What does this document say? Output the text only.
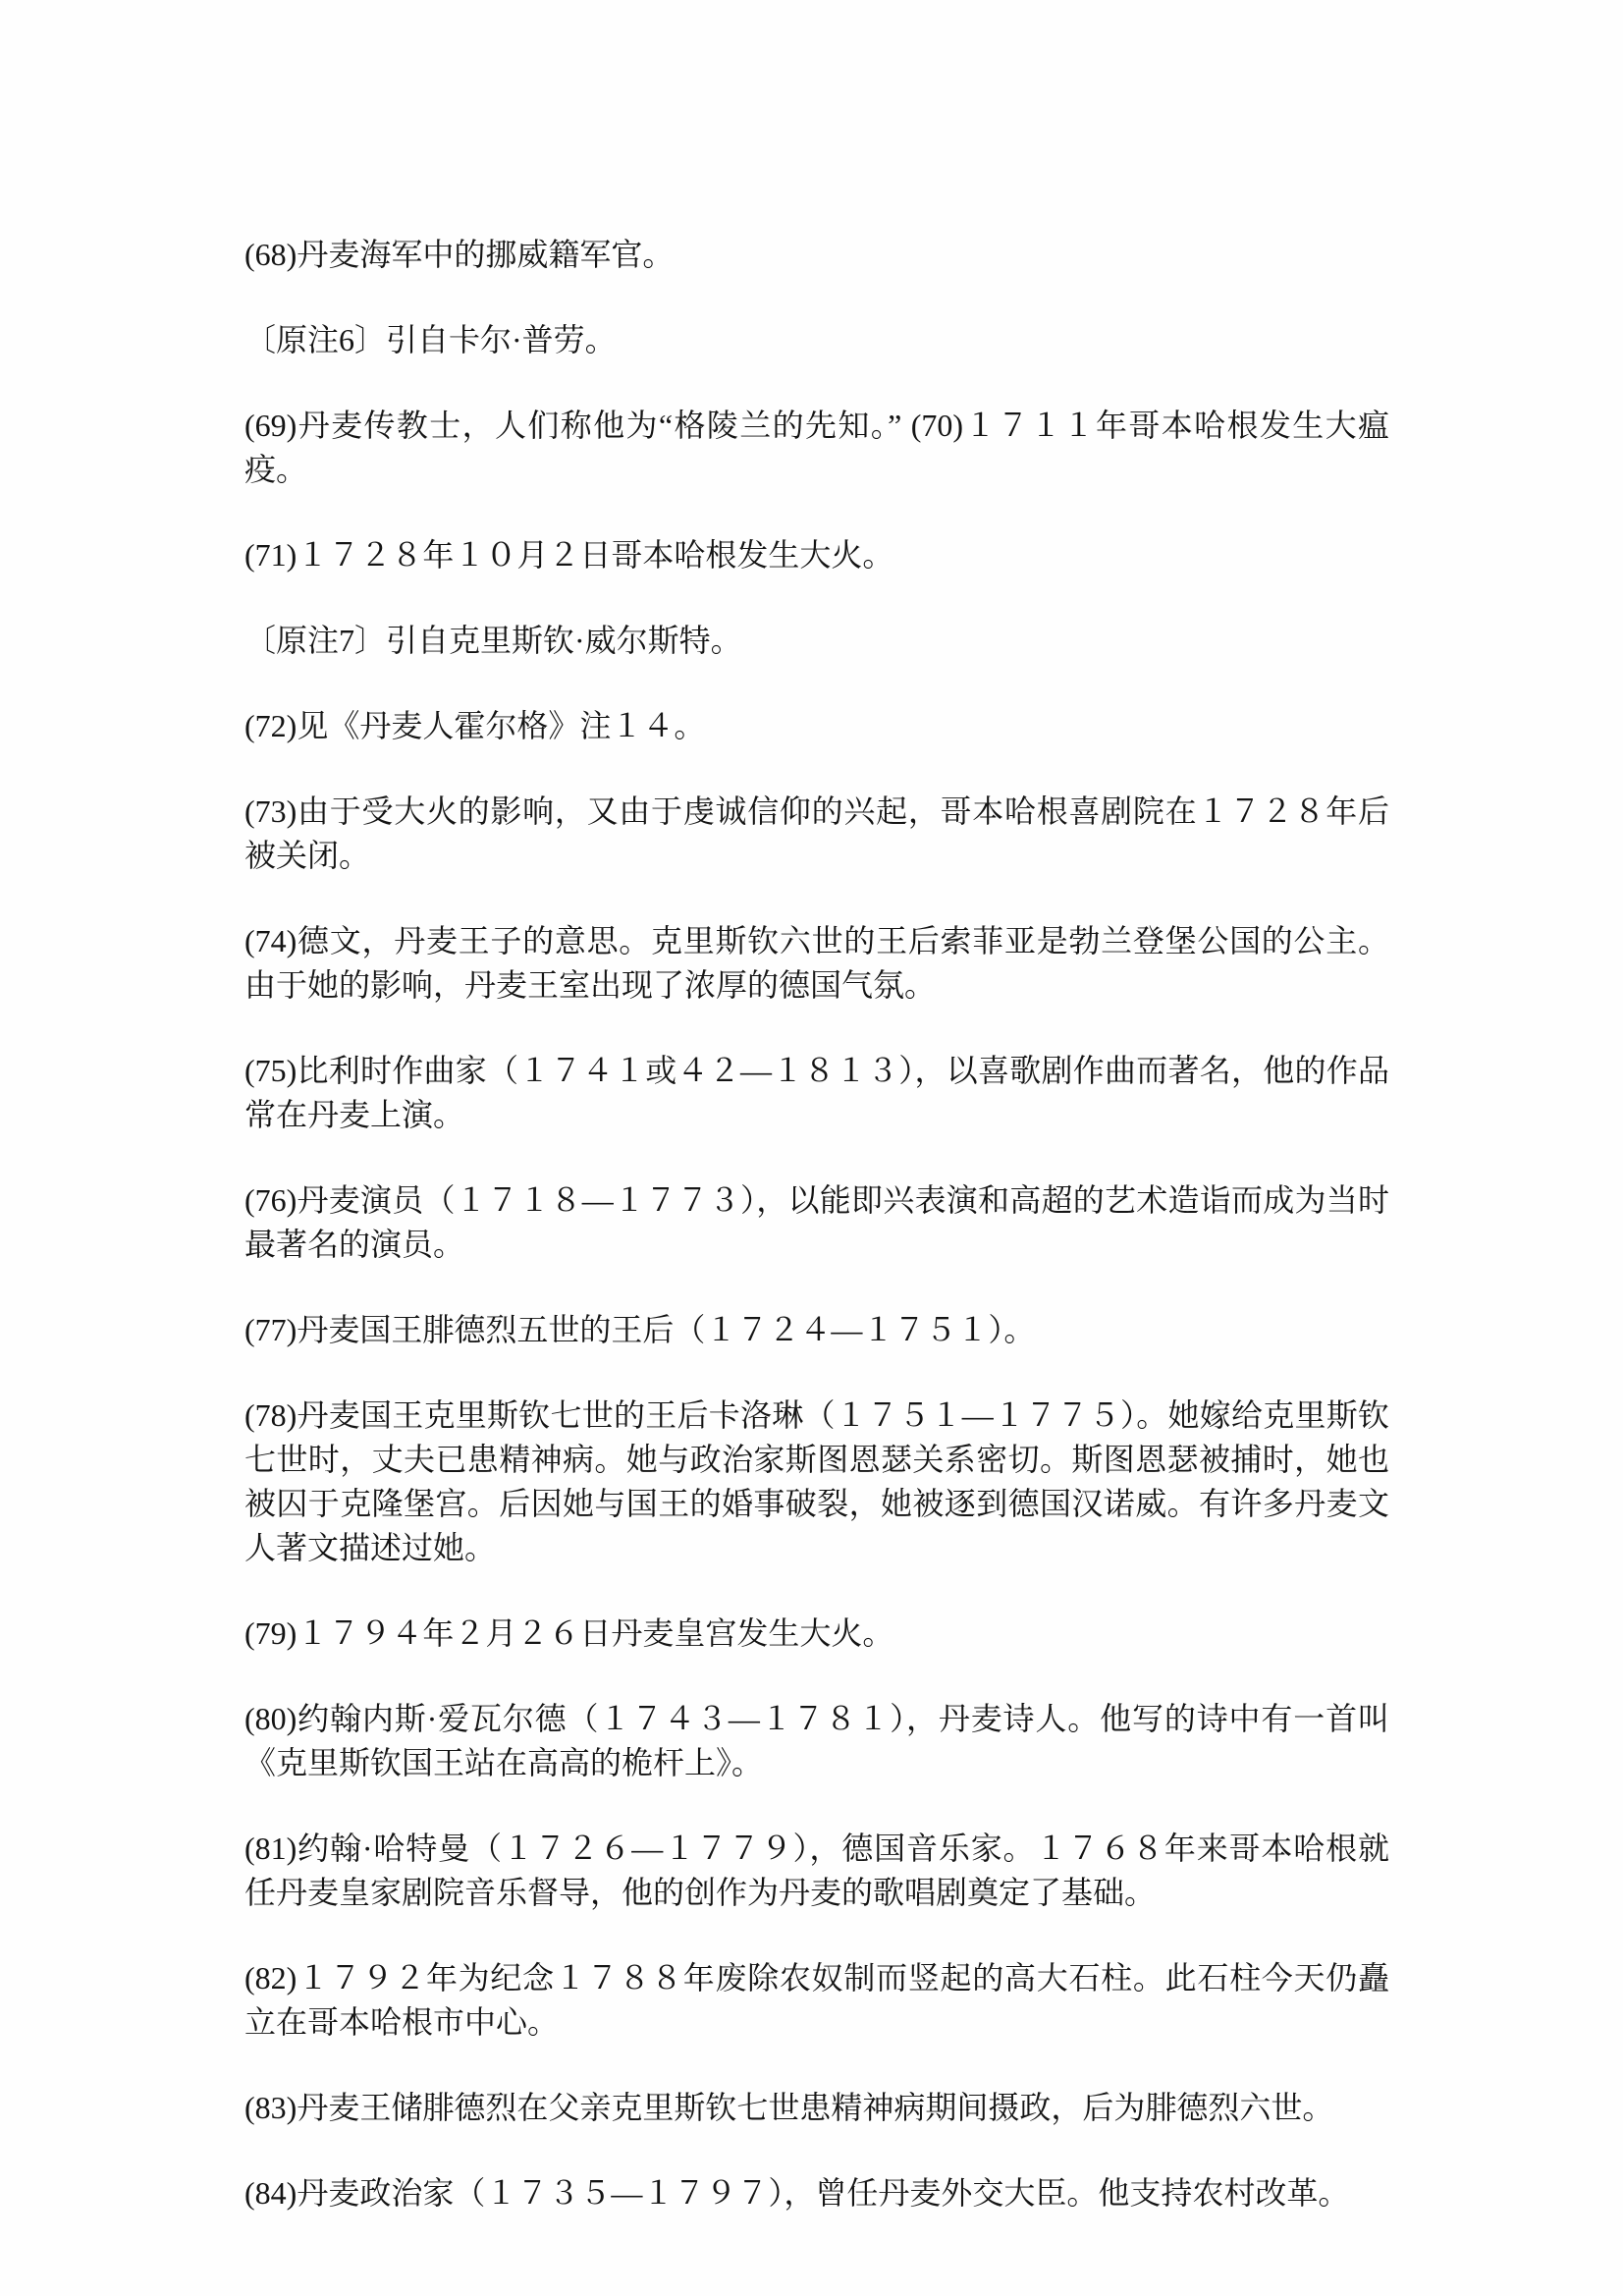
(68)丹麦海军中的挪威籍军官。

〔原注6〕引自卡尔·普劳。

(69)丹麦传教士，人们称他为“格陵兰的先知。” (70)１７１１年哥本哈根发生大瘟疫。

(71)１７２８年１０月２日哥本哈根发生大火。

〔原注7〕引自克里斯钦·威尔斯特。

(72)见《丹麦人霍尔格》注１４。

(73)由于受大火的影响，又由于虔诚信仰的兴起，哥本哈根喜剧院在１７２８年后被关闭。

(74)德文，丹麦王子的意思。克里斯钦六世的王后索菲亚是勃兰登堡公国的公主。由于她的影响，丹麦王室出现了浓厚的德国气氛。

(75)比利时作曲家（１７４１或４２—１８１３），以喜歌剧作曲而著名，他的作品常在丹麦上演。

(76)丹麦演员（１７１８—１７７３），以能即兴表演和高超的艺术造诣而成为当时最著名的演员。

(77)丹麦国王腓德烈五世的王后（１７２４—１７５１）。

(78)丹麦国王克里斯钦七世的王后卡洛琳（１７５１—１７７５）。她嫁给克里斯钦七世时，丈夫已患精神病。她与政治家斯图恩瑟关系密切。斯图恩瑟被捕时，她也被囚于克隆堡宫。后因她与国王的婚事破裂，她被逐到德国汉诺威。有许多丹麦文人著文描述过她。

(79)１７９４年２月２６日丹麦皇宫发生大火。

(80)约翰内斯·爱瓦尔德（１７４３—１７８１），丹麦诗人。他写的诗中有一首叫《克里斯钦国王站在高高的桅杆上》。

(81)约翰·哈特曼（１７２６—１７７９），德国音乐家。１７６８年来哥本哈根就任丹麦皇家剧院音乐督导，他的创作为丹麦的歌唱剧奠定了基础。

(82)１７９２年为纪念１７８８年废除农奴制而竖起的高大石柱。此石柱今天仍矗立在哥本哈根市中心。

(83)丹麦王储腓德烈在父亲克里斯钦七世患精神病期间摄政，后为腓德烈六世。

(84)丹麦政治家（１７３５—１７９７），曾任丹麦外交大臣。他支持农村改革。
